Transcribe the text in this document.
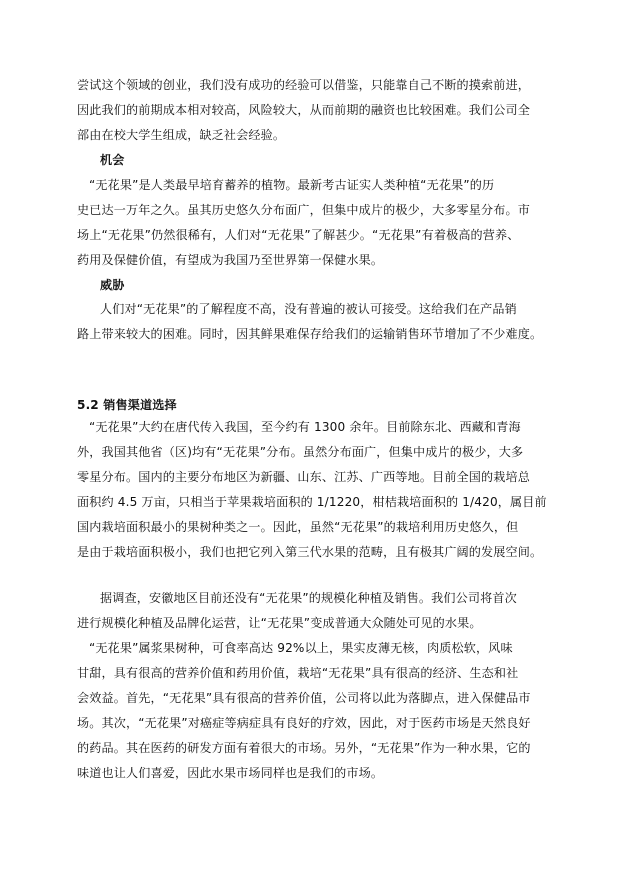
尝试这个领域的创业，我们没有成功的经验可以借鉴，只能靠自己不断的摸索前进，
因此我们的前期成本相对较高，风险较大，从而前期的融资也比较困难。我们公司全
部由在校大学生组成，缺乏社会经验。
机会
“无花果”是人类最早培育蓄养的植物。最新考古证实人类种植“无花果”的历
史已达一万年之久。虽其历史悠久分布面广，但集中成片的极少，大多零星分布。市
场上“无花果”仍然很稀有，人们对“无花果”了解甚少。“无花果”有着极高的营养、
药用及保健价值，有望成为我国乃至世界第一保健水果。
威胁
人们对“无花果”的了解程度不高，没有普遍的被认可接受。这给我们在产品销
路上带来较大的困难。同时，因其鲜果难保存给我们的运输销售环节增加了不少难度。
5.2 销售渠道选择
“无花果”大约在唐代传入我国，至今约有 1300 余年。目前除东北、西藏和青海
外，我国其他省（区)均有“无花果”分布。虽然分布面广，但集中成片的极少，大多
零星分布。国内的主要分布地区为新疆、山东、江苏、广西等地。目前全国的栽培总
面积约 4.5 万亩，只相当于苹果栽培面积的 1/1220，柑桔栽培面积的 1/420，属目前
国内栽培面积最小的果树种类之一。因此，虽然“无花果”的栽培利用历史悠久，但
是由于栽培面积极小，我们也把它列入第三代水果的范畴，且有极其广阔的发展空间。
据调查，安徽地区目前还没有“无花果”的规模化种植及销售。我们公司将首次
进行规模化种植及品牌化运营，让“无花果”变成普通大众随处可见的水果。
“无花果”属浆果树种，可食率高达 92%以上，果实皮薄无核，肉质松软，风味
甘甜，具有很高的营养价值和药用价值，栽培“无花果”具有很高的经济、生态和社
会效益。首先，“无花果”具有很高的营养价值，公司将以此为落脚点，进入保健品市
场。其次，“无花果”对癌症等病症具有良好的疗效，因此，对于医药市场是天然良好
的药品。其在医药的研发方面有着很大的市场。另外，“无花果”作为一种水果，它的
味道也让人们喜爱，因此水果市场同样也是我们的市场。
